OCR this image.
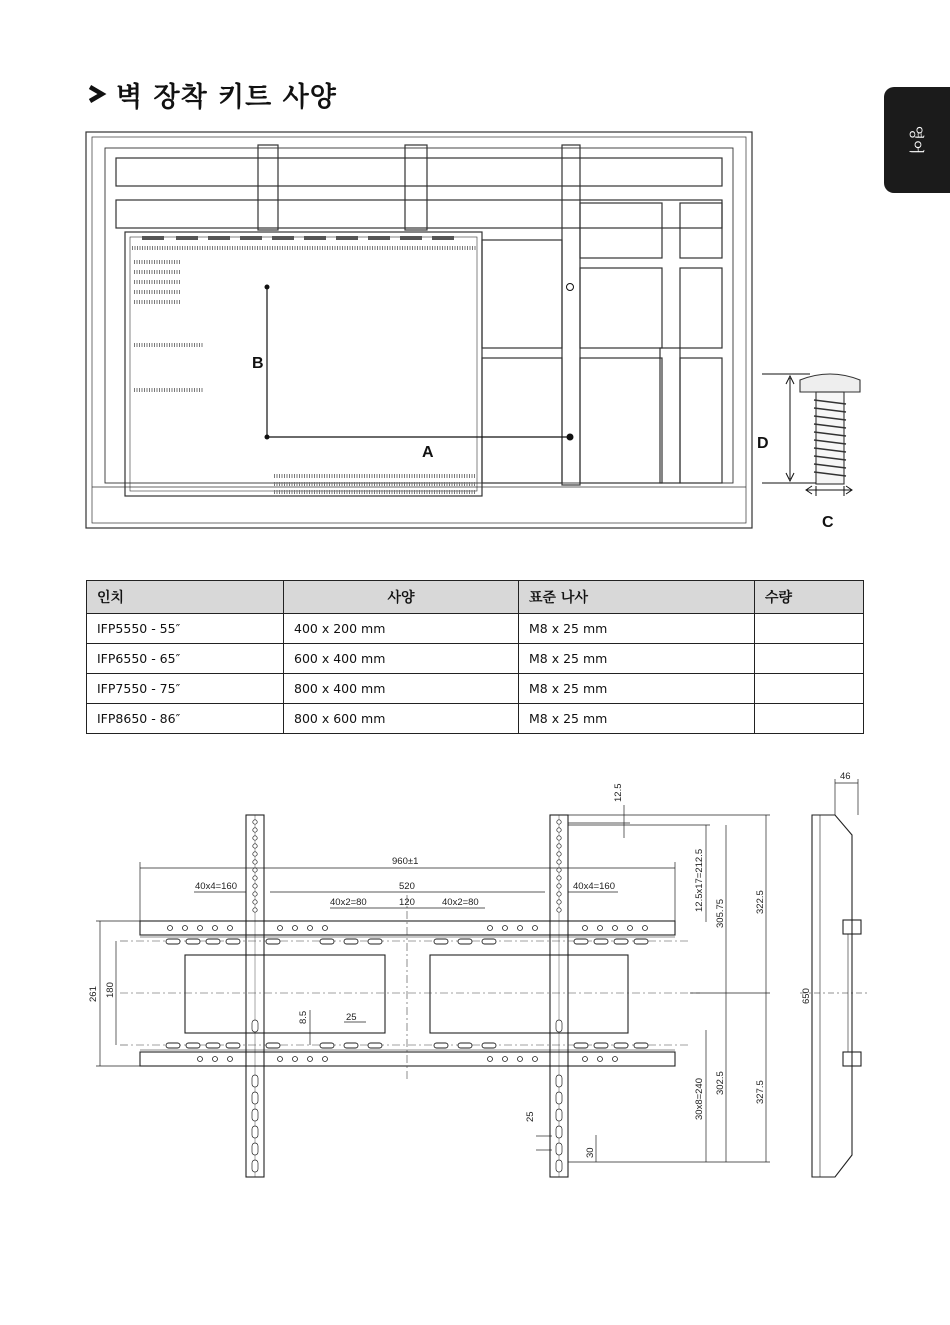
벽 장착 키트 사양
영어
A
B
D
C
인치	사양	표준 나사	수량
IFP5550 - 55″	400 x 200 mm	M8 x 25 mm	
IFP6550 - 65″	600 x 400 mm	M8 x 25 mm	
IFP7550 - 75″	800 x 400 mm	M8 x 25 mm	
IFP8650 - 86″	800 x 600 mm	M8 x 25 mm	
960±1
40x4=160	40x4=160
520
40x2=80	40x2=80
120
25
261 180
8.5
12.5
12.5x17=212.5
305.75	322.5
30x8=240 302.5	327.5
25
30
650
46
